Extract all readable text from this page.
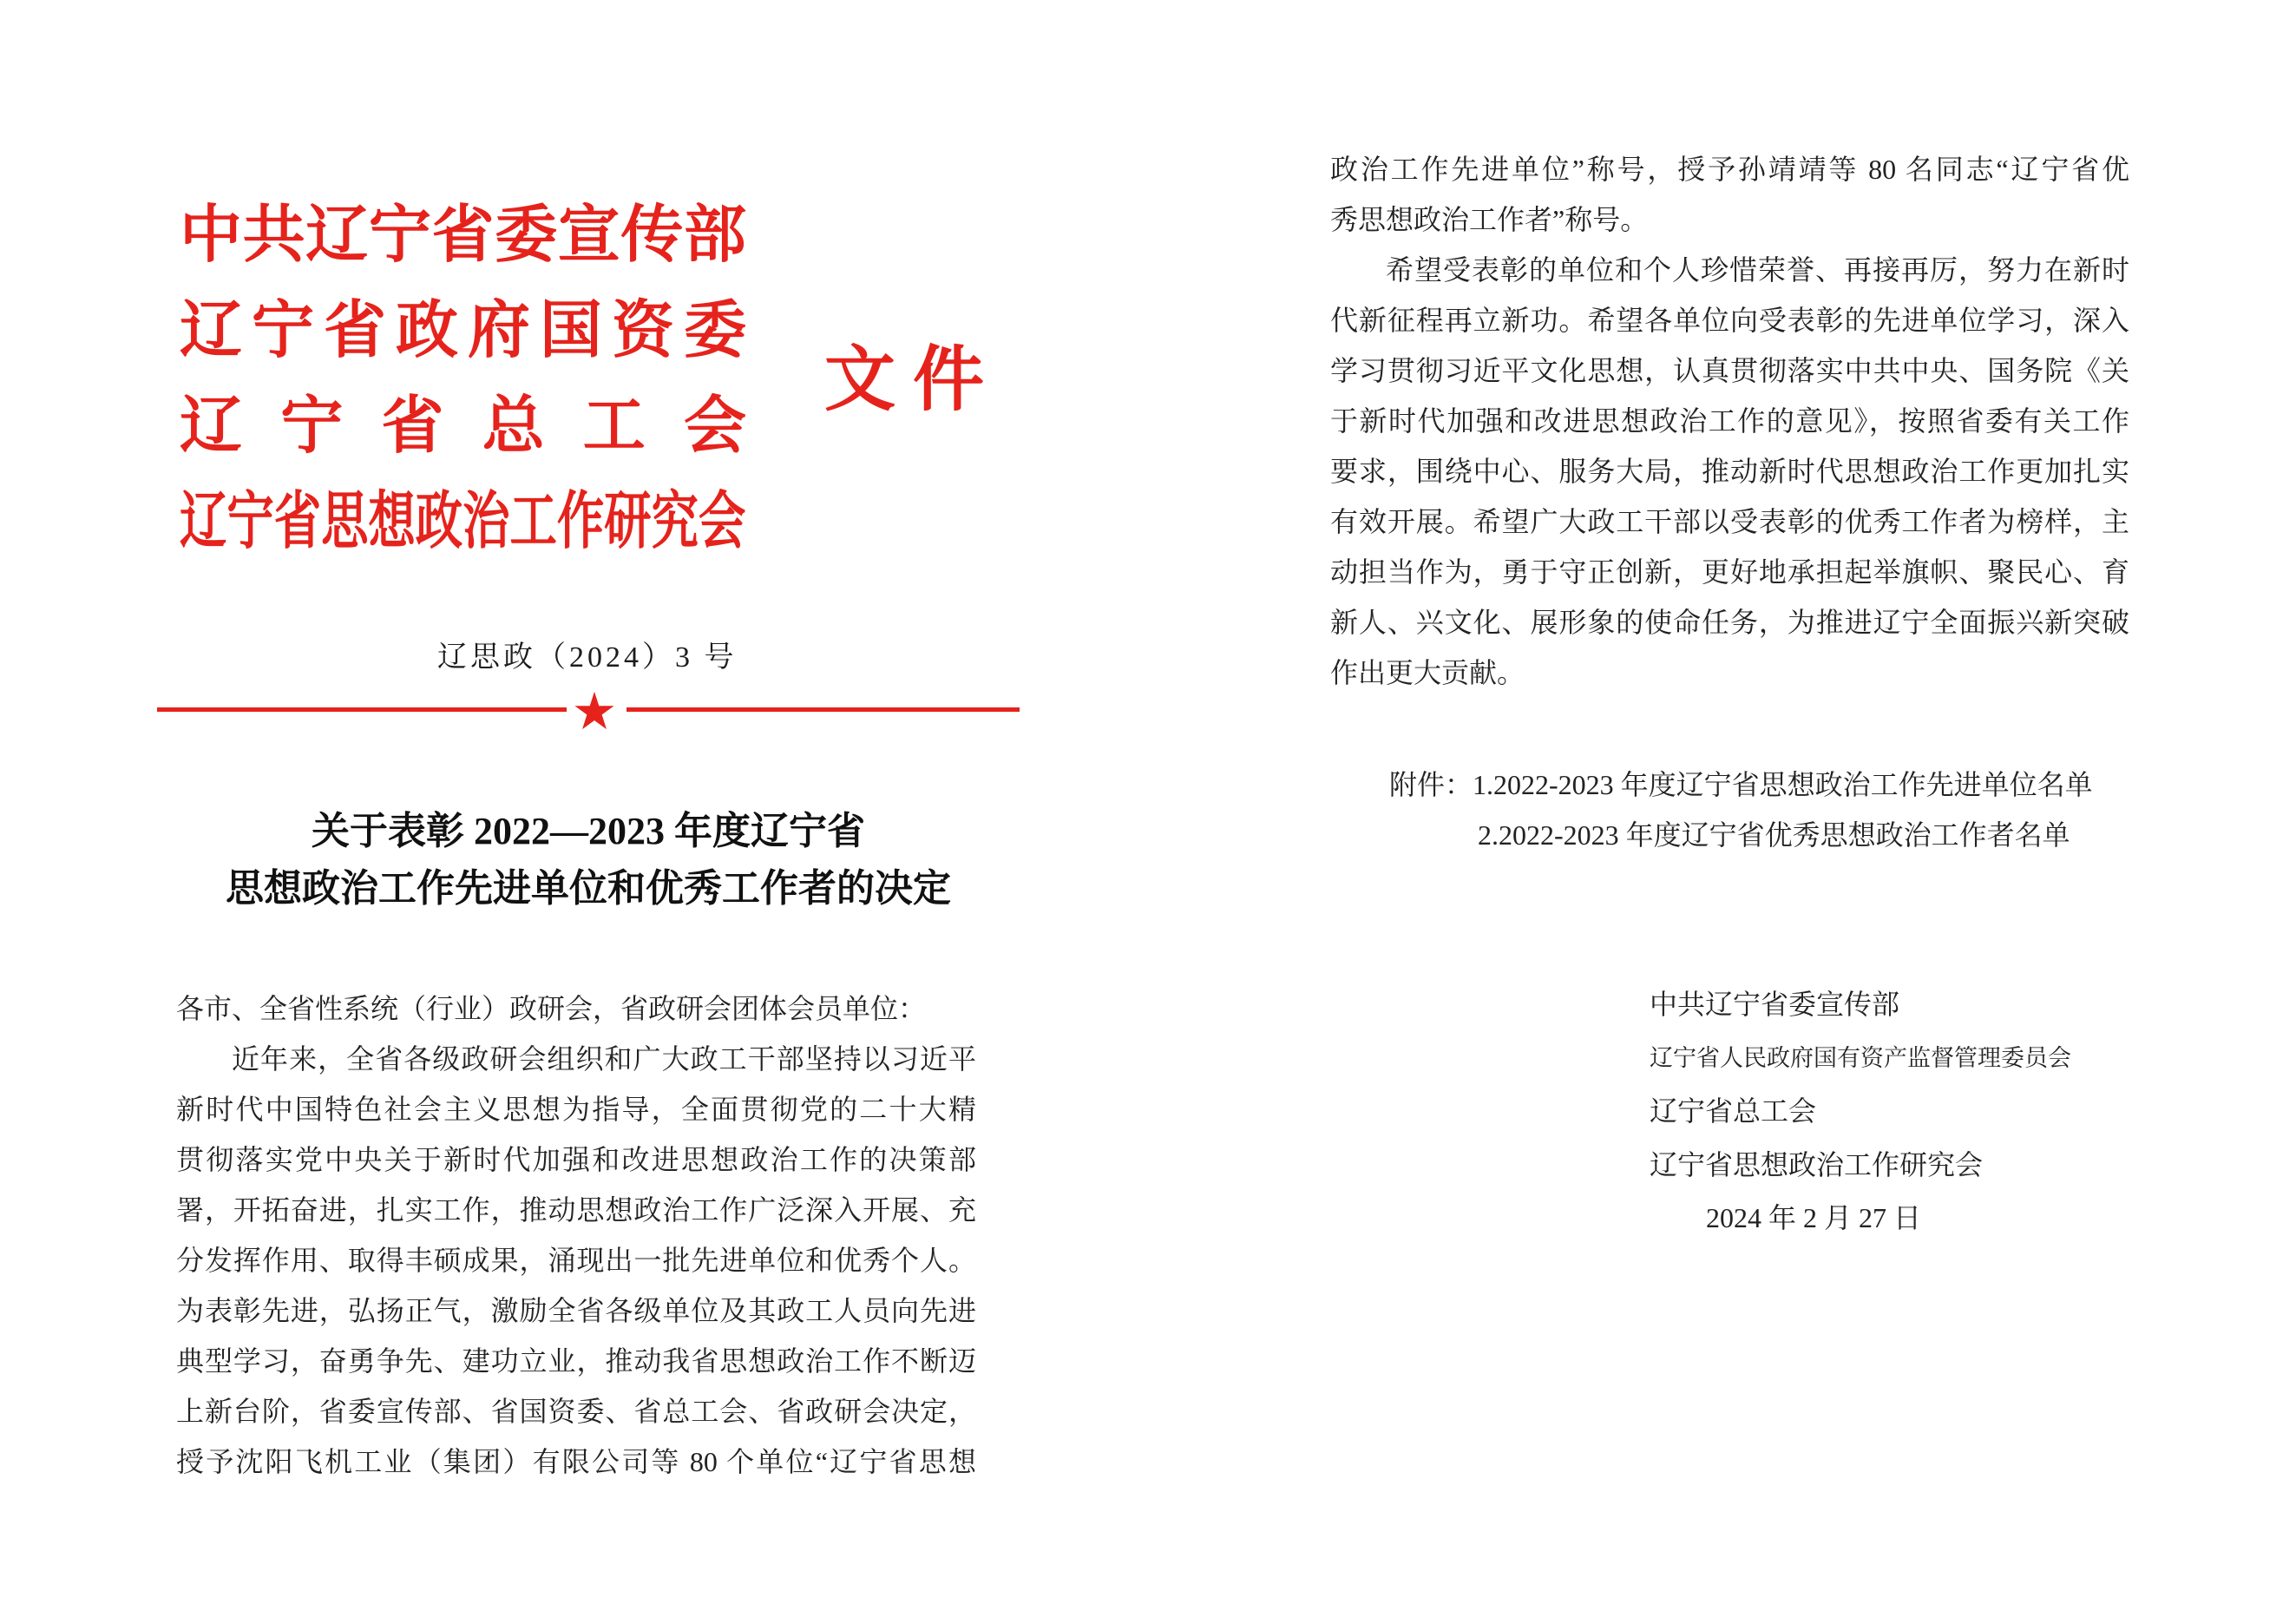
中共辽宁省委宣传部
辽宁省政府国资委
辽宁省总工会
辽宁省思想政治工作研究会
文件
辽思政（2024）3 号
关于表彰 2022—2023 年度辽宁省
思想政治工作先进单位和优秀工作者的决定
各市、全省性系统（行业）政研会，省政研会团体会员单位：
近年来，全省各级政研会组织和广大政工干部坚持以习近平
新时代中国特色社会主义思想为指导，全面贯彻党的二十大精
贯彻落实党中央关于新时代加强和改进思想政治工作的决策部
署，开拓奋进，扎实工作，推动思想政治工作广泛深入开展、充
分发挥作用、取得丰硕成果，涌现出一批先进单位和优秀个人。
为表彰先进，弘扬正气，激励全省各级单位及其政工人员向先进
典型学习，奋勇争先、建功立业，推动我省思想政治工作不断迈
上新台阶，省委宣传部、省国资委、省总工会、省政研会决定，
授予沈阳飞机工业（集团）有限公司等 80 个单位“辽宁省思想
政治工作先进单位”称号，授予孙靖靖等 80 名同志“辽宁省优
秀思想政治工作者”称号。
希望受表彰的单位和个人珍惜荣誉、再接再厉，努力在新时
代新征程再立新功。希望各单位向受表彰的先进单位学习，深入
学习贯彻习近平文化思想，认真贯彻落实中共中央、国务院《关
于新时代加强和改进思想政治工作的意见》，按照省委有关工作
要求，围绕中心、服务大局，推动新时代思想政治工作更加扎实
有效开展。希望广大政工干部以受表彰的优秀工作者为榜样，主
动担当作为，勇于守正创新，更好地承担起举旗帜、聚民心、育
新人、兴文化、展形象的使命任务，为推进辽宁全面振兴新突破
作出更大贡献。
附件：1.2022-2023 年度辽宁省思想政治工作先进单位名单
2.2022-2023 年度辽宁省优秀思想政治工作者名单
中共辽宁省委宣传部
辽宁省人民政府国有资产监督管理委员会
辽宁省总工会
辽宁省思想政治工作研究会
2024 年 2 月 27 日
